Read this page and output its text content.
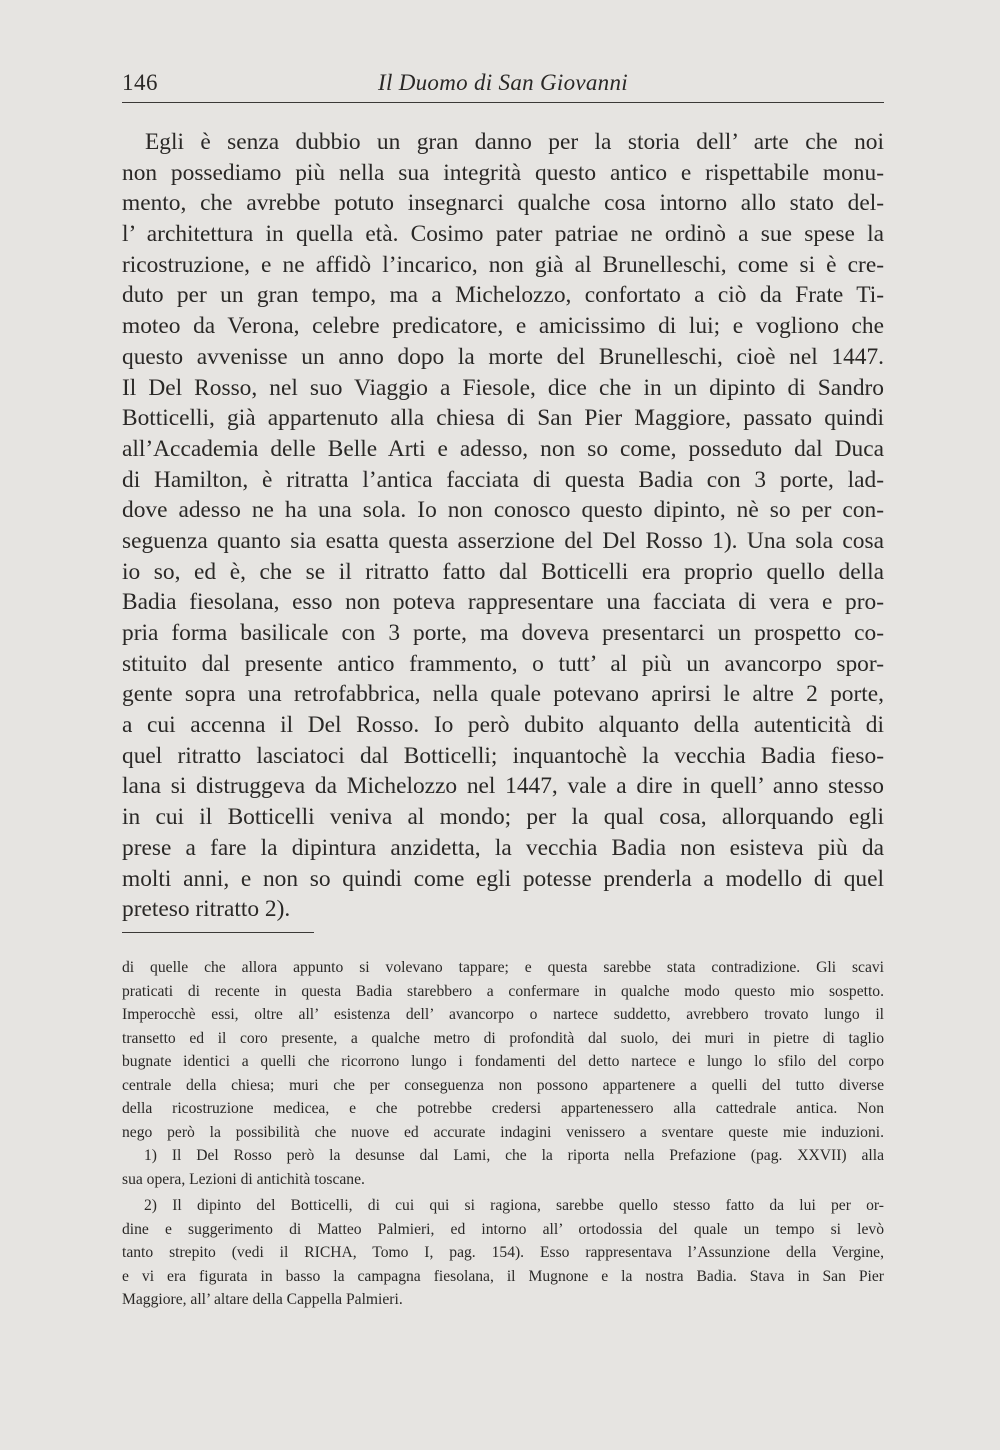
146	Il Duomo di San Giovanni
Egli è senza dubbio un gran danno per la storia dell’ arte che noi
non possediamo più nella sua integrità questo antico e rispettabile monu-
mento, che avrebbe potuto insegnarci qualche cosa intorno allo stato del-
l’ architettura in quella età. Cosimo pater patriae ne ordinò a sue spese la
ricostruzione, e ne affidò l’incarico, non già al Brunelleschi, come si è cre-
duto per un gran tempo, ma a Michelozzo, confortato a ciò da Frate Ti-
moteo da Verona, celebre predicatore, e amicissimo di lui; e vogliono che
questo avvenisse un anno dopo la morte del Brunelleschi, cioè nel 1447.
Il Del Rosso, nel suo Viaggio a Fiesole, dice che in un dipinto di Sandro
Botticelli, già appartenuto alla chiesa di San Pier Maggiore, passato quindi
all’Accademia delle Belle Arti e adesso, non so come, posseduto dal Duca
di Hamilton, è ritratta l’antica facciata di questa Badia con 3 porte, lad-
dove adesso ne ha una sola. Io non conosco questo dipinto, nè so per con-
seguenza quanto sia esatta questa asserzione del Del Rosso 1). Una sola cosa
io so, ed è, che se il ritratto fatto dal Botticelli era proprio quello della
Badia fiesolana, esso non poteva rappresentare una facciata di vera e pro-
pria forma basilicale con 3 porte, ma doveva presentarci un prospetto co-
stituito dal presente antico frammento, o tutt’ al più un avancorpo spor-
gente sopra una retrofabbrica, nella quale potevano aprirsi le altre 2 porte,
a cui accenna il Del Rosso. Io però dubito alquanto della autenticità di
quel ritratto lasciatoci dal Botticelli; inquantochè la vecchia Badia fieso-
lana si distruggeva da Michelozzo nel 1447, vale a dire in quell’ anno stesso
in cui il Botticelli veniva al mondo; per la qual cosa, allorquando egli
prese a fare la dipintura anzidetta, la vecchia Badia non esisteva più da
molti anni, e non so quindi come egli potesse prenderla a modello di quel
preteso ritratto 2).
di quelle che allora appunto si volevano tappare; e questa sarebbe stata contradizione. Gli scavi
praticati di recente in questa Badia starebbero a confermare in qualche modo questo mio sospetto.
Imperocchè essi, oltre all’ esistenza dell’ avancorpo o nartece suddetto, avrebbero trovato lungo il
transetto ed il coro presente, a qualche metro di profondità dal suolo, dei muri in pietre di taglio
bugnate identici a quelli che ricorrono lungo i fondamenti del detto nartece e lungo lo sfilo del corpo
centrale della chiesa; muri che per conseguenza non possono appartenere a quelli del tutto diverse
della ricostruzione medicea, e che potrebbe credersi appartenessero alla cattedrale antica. Non
nego però la possibilità che nuove ed accurate indagini venissero a sventare queste mie induzioni.
1) Il Del Rosso però la desunse dal Lami, che la riporta nella Prefazione (pag. XXVII) alla
sua opera, Lezioni di antichità toscane.
2) Il dipinto del Botticelli, di cui qui si ragiona, sarebbe quello stesso fatto da lui per or-
dine e suggerimento di Matteo Palmieri, ed intorno all’ ortodossia del quale un tempo si levò
tanto strepito (vedi il RICHA, Tomo I, pag. 154). Esso rappresentava l’Assunzione della Vergine,
e vi era figurata in basso la campagna fiesolana, il Mugnone e la nostra Badia. Stava in San Pier
Maggiore, all’ altare della Cappella Palmieri.
